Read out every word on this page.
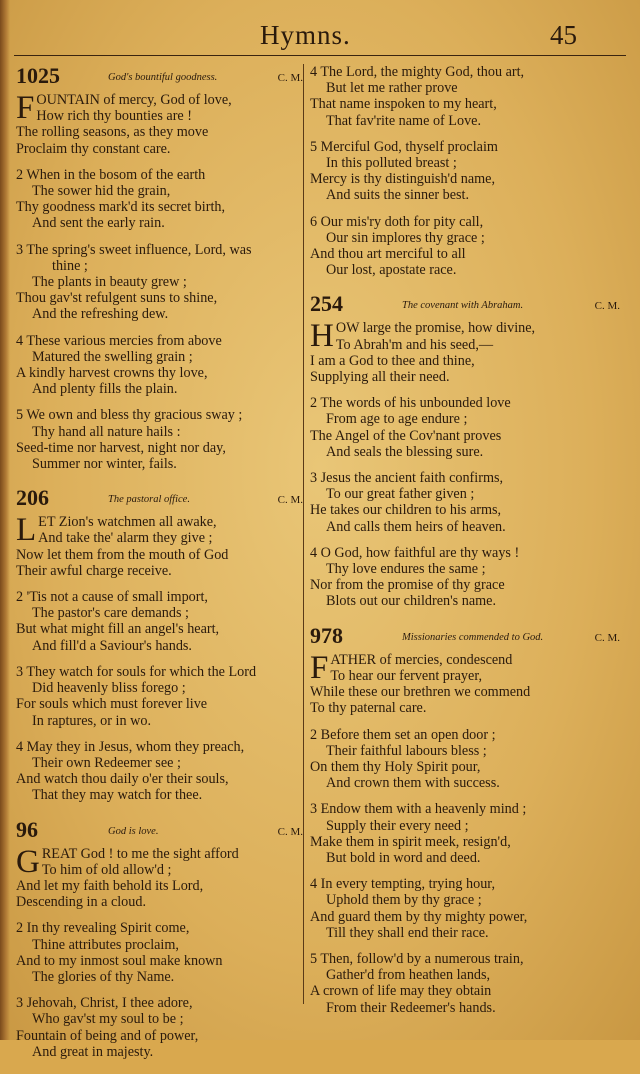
Hymns.	45
1025	God's bountiful goodness.	C. M.
F OUNTAIN of mercy, God of love,
How rich thy bounties are !
The rolling seasons, as they move
Proclaim thy constant care.
2 When in the bosom of the earth
The sower hid the grain,
Thy goodness mark'd its secret birth,
And sent the early rain.
3 The spring's sweet influence, Lord, was
thine ;
The plants in beauty grew ;
Thou gav'st refulgent suns to shine,
And the refreshing dew.
4 These various mercies from above
Matured the swelling grain ;
A kindly harvest crowns thy love,
And plenty fills the plain.
5 We own and bless thy gracious sway ;
Thy hand all nature hails :
Seed-time nor harvest, night nor day,
Summer nor winter, fails.
206	The pastoral office.	C. M.
L ET Zion's watchmen all awake,
And take the' alarm they give ;
Now let them from the mouth of God
Their awful charge receive.
2 'Tis not a cause of small import,
The pastor's care demands ;
But what might fill an angel's heart,
And fill'd a Saviour's hands.
3 They watch for souls for which the Lord
Did heavenly bliss forego ;
For souls which must forever live
In raptures, or in wo.
4 May they in Jesus, whom they preach,
Their own Redeemer see ;
And watch thou daily o'er their souls,
That they may watch for thee.
96	God is love.	C. M.
G REAT God ! to me the sight afford
To him of old allow'd ;
And let my faith behold its Lord,
Descending in a cloud.
2 In thy revealing Spirit come,
Thine attributes proclaim,
And to my inmost soul make known
The glories of thy Name.
3 Jehovah, Christ, I thee adore,
Who gav'st my soul to be ;
Fountain of being and of power,
And great in majesty.
4 The Lord, the mighty God, thou art,
But let me rather prove
That name inspoken to my heart,
That fav'rite name of Love.
5 Merciful God, thyself proclaim
In this polluted breast ;
Mercy is thy distinguish'd name,
And suits the sinner best.
6 Our mis'ry doth for pity call,
Our sin implores thy grace ;
And thou art merciful to all
Our lost, apostate race.
254	The covenant with Abraham.	C. M.
H OW large the promise, how divine,
To Abrah'm and his seed,—
I am a God to thee and thine,
Supplying all their need.
2 The words of his unbounded love
From age to age endure ;
The Angel of the Cov'nant proves
And seals the blessing sure.
3 Jesus the ancient faith confirms,
To our great father given ;
He takes our children to his arms,
And calls them heirs of heaven.
4 O God, how faithful are thy ways !
Thy love endures the same ;
Nor from the promise of thy grace
Blots out our children's name.
978	Missionaries commended to God.	C. M.
F ATHER of mercies, condescend
To hear our fervent prayer,
While these our brethren we commend
To thy paternal care.
2 Before them set an open door ;
Their faithful labours bless ;
On them thy Holy Spirit pour,
And crown them with success.
3 Endow them with a heavenly mind ;
Supply their every need ;
Make them in spirit meek, resign'd,
But bold in word and deed.
4 In every tempting, trying hour,
Uphold them by thy grace ;
And guard them by thy mighty power,
Till they shall end their race.
5 Then, follow'd by a numerous train,
Gather'd from heathen lands,
A crown of life may they obtain
From their Redeemer's hands.
